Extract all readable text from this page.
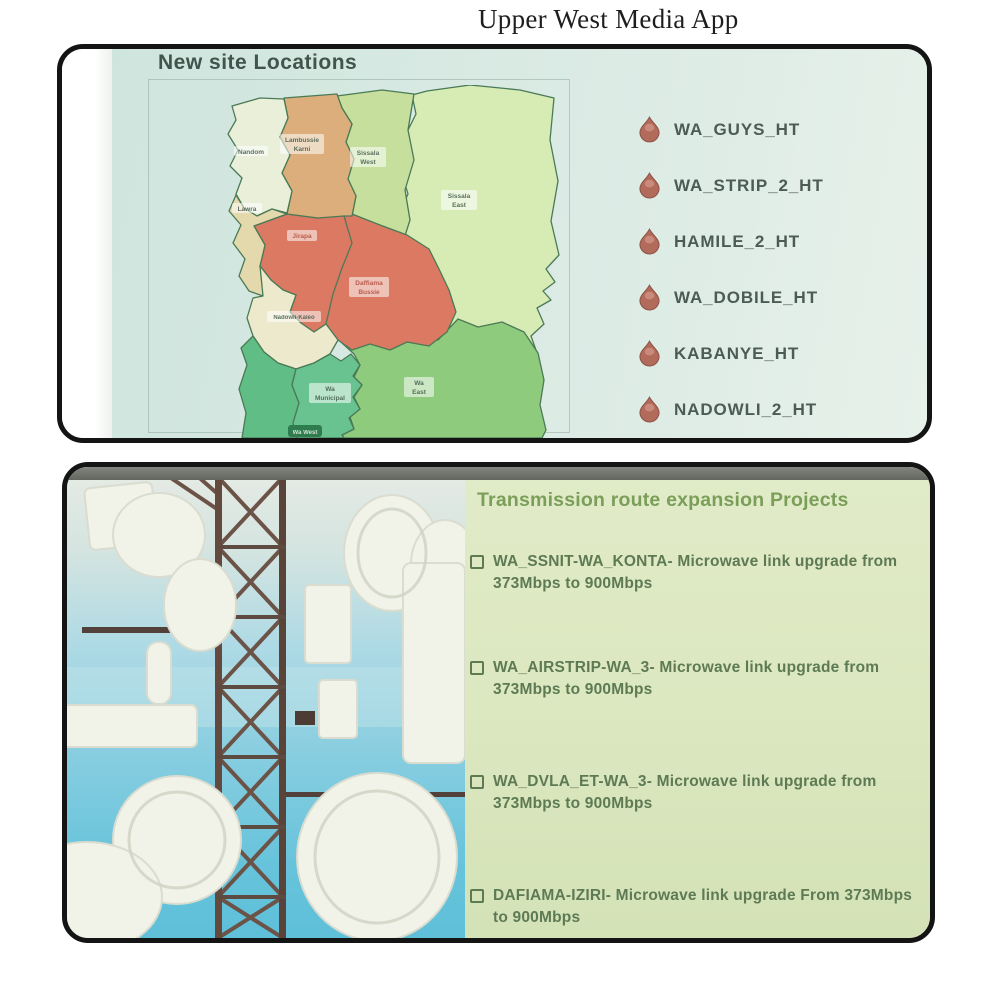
Upper West Media App
New site Locations
Nandom
Lambussie
Karni
Sissala
West
Sissala
East
Lawra
Jirapa
Daffiama
Bussie
Nadowli-Kaleo
Wa
Municipal
Wa
East
Wa West
WA_GUYS_HT
WA_STRIP_2_HT
HAMILE_2_HT
WA_DOBILE_HT
KABANYE_HT
NADOWLI_2_HT
Transmission route expansion Projects

WA_SSNIT-WA_KONTA- Microwave link upgrade from 373Mbps to 900Mbps

WA_AIRSTRIP-WA_3- Microwave link upgrade from 373Mbps to 900Mbps

WA_DVLA_ET-WA_3- Microwave link upgrade from 373Mbps to 900Mbps

DAFIAMA-IZIRI- Microwave link upgrade From 373Mbps to 900Mbps
